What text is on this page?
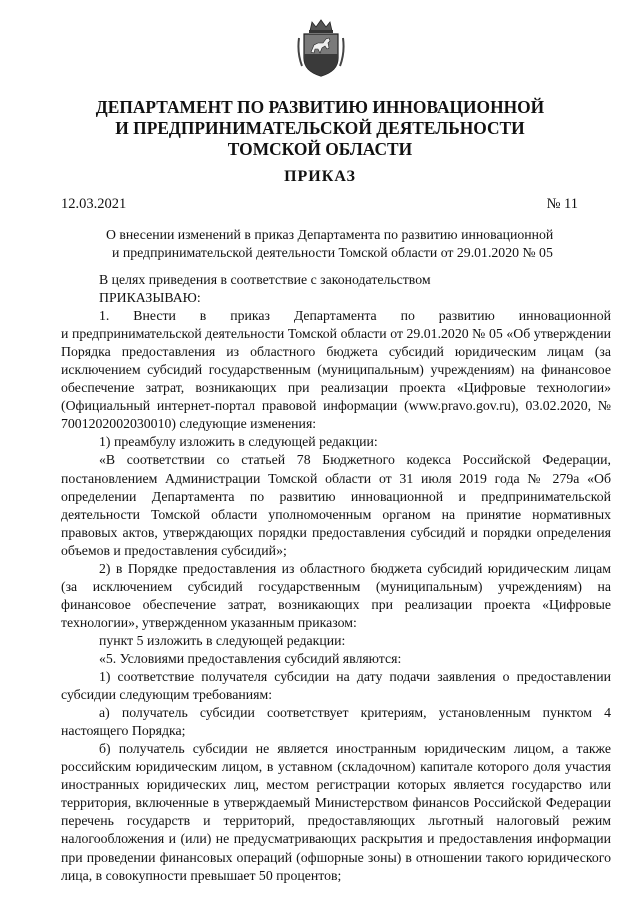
ДЕПАРТАМЕНТ ПО РАЗВИТИЮ ИННОВАЦИОННОЙ
И ПРЕДПРИНИМАТЕЛЬСКОЙ ДЕЯТЕЛЬНОСТИ
ТОМСКОЙ ОБЛАСТИ
ПРИКАЗ
12.03.2021	№ 11
О внесении изменений в приказ Департамента по развитию инновационной
и предпринимательской деятельности Томской области от 29.01.2020 № 05

В целях приведения в соответствие с законодательством

ПРИКАЗЫВАЮ:

1. Внести в приказ Департамента по развитию инновационной

и предпринимательской деятельности Томской области от 29.01.2020 № 05 «Об утверждении Порядка предоставления из областного бюджета субсидий юридическим лицам (за исключением субсидий государственным (муниципальным) учреждениям) на финансовое обеспечение затрат, возникающих при реализации проекта «Цифровые технологии» (Официальный интернет-портал правовой информации (www.pravo.gov.ru), 03.02.2020, № 7001202002030010) следующие изменения:

1) преамбулу изложить в следующей редакции:

«В соответствии со статьей 78 Бюджетного кодекса Российской Федерации, постановлением Администрации Томской области от 31 июля 2019 года № 279а «Об определении Департамента по развитию инновационной и предпринимательской деятельности Томской области уполномоченным органом на принятие нормативных правовых актов, утверждающих порядки предоставления субсидий и порядки определения объемов и предоставления субсидий»;

2) в Порядке предоставления из областного бюджета субсидий юридическим лицам (за исключением субсидий государственным (муниципальным) учреждениям) на финансовое обеспечение затрат, возникающих при реализации проекта «Цифровые технологии», утвержденном указанным приказом:

пункт 5 изложить в следующей редакции:

«5. Условиями предоставления субсидий являются:

1) соответствие получателя субсидии на дату подачи заявления о предоставлении субсидии следующим требованиям:

а) получатель субсидии соответствует критериям, установленным пунктом 4 настоящего Порядка;

б) получатель субсидии не является иностранным юридическим лицом, а также российским юридическим лицом, в уставном (складочном) капитале которого доля участия иностранных юридических лиц, местом регистрации которых является государство или территория, включенные в утверждаемый Министерством финансов Российской Федерации перечень государств и территорий, предоставляющих льготный налоговый режим налогообложения и (или) не предусматривающих раскрытия и предоставления информации при проведении финансовых операций (офшорные зоны) в отношении такого юридического лица, в совокупности превышает 50 процентов;
